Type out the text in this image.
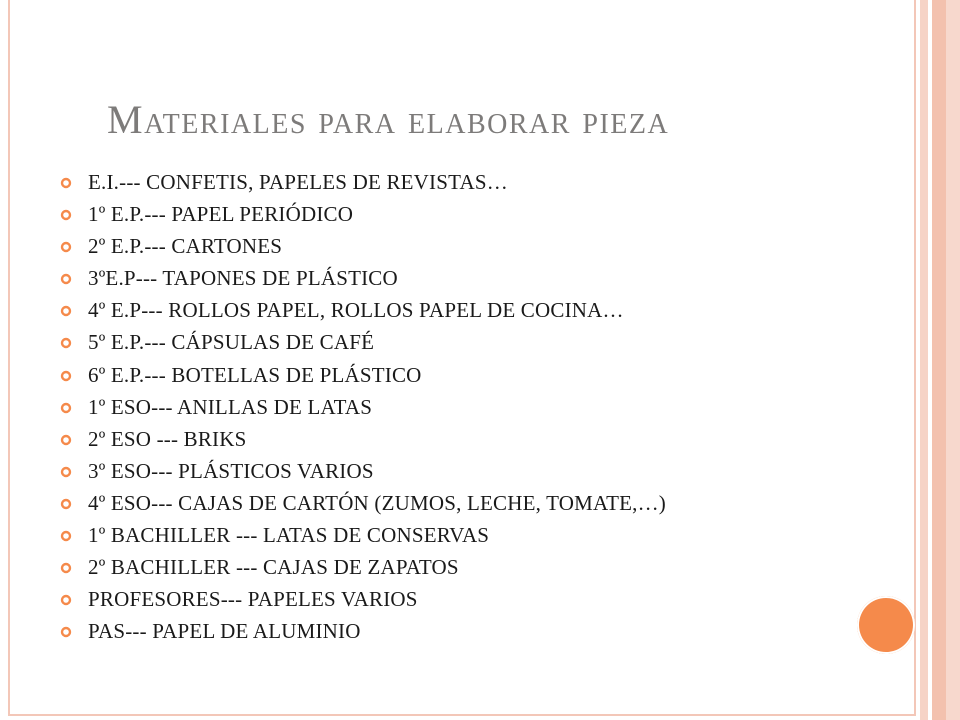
Materiales para elaborar pieza
E.I.--- CONFETIS, PAPELES DE REVISTAS…
1º E.P.--- PAPEL PERIÓDICO
2º E.P.--- CARTONES
3ºE.P--- TAPONES DE PLÁSTICO
4º E.P--- ROLLOS PAPEL, ROLLOS PAPEL DE COCINA…
5º E.P.--- CÁPSULAS DE CAFÉ
6º E.P.--- BOTELLAS DE PLÁSTICO
1º ESO--- ANILLAS DE LATAS
2º ESO --- BRIKS
3º ESO--- PLÁSTICOS VARIOS
4º ESO--- CAJAS DE CARTÓN (ZUMOS, LECHE, TOMATE,…)
1º BACHILLER --- LATAS DE CONSERVAS
2º BACHILLER --- CAJAS DE ZAPATOS
PROFESORES--- PAPELES VARIOS
PAS--- PAPEL DE ALUMINIO
